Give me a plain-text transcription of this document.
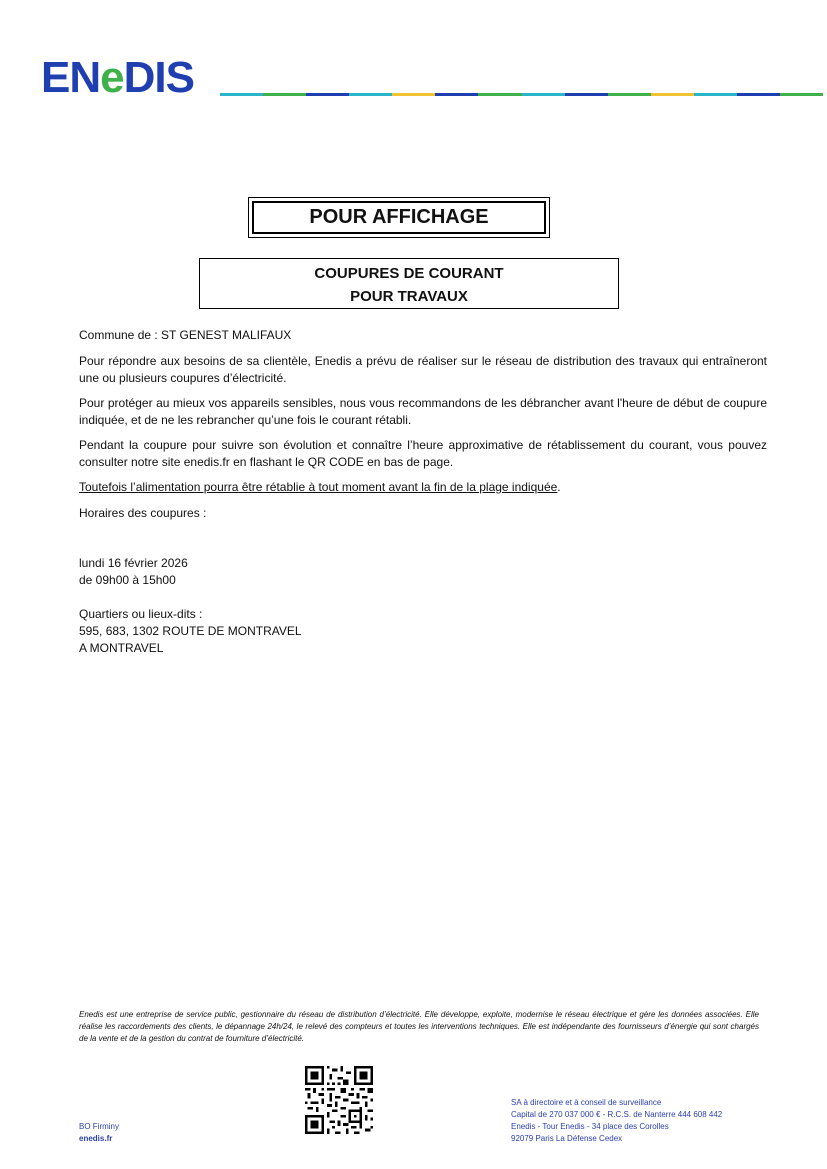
ENeDIS
POUR AFFICHAGE
COUPURES DE COURANT
POUR TRAVAUX
Commune de : ST GENEST MALIFAUX

Pour répondre aux besoins de sa clientèle, Enedis a prévu de réaliser sur le réseau de distribution des travaux qui entraîneront une ou plusieurs coupures d’électricité.

Pour protéger au mieux vos appareils sensibles, nous vous recommandons de les débrancher avant l'heure de début de coupure indiquée, et de ne les rebrancher qu’une fois le courant rétabli.

Pendant la coupure pour suivre son évolution et connaître l’heure approximative de rétablissement du courant, vous pouvez consulter notre site enedis.fr en flashant le QR CODE en bas de page.

Toutefois l’alimentation pourra être rétablie à tout moment avant la fin de la plage indiquée.

Horaires des coupures :
lundi 16 février 2026
de 09h00 à 15h00
Quartiers ou lieux-dits :
595, 683, 1302 ROUTE DE MONTRAVEL
A MONTRAVEL
Enedis est une entreprise de service public, gestionnaire du réseau de distribution d’électricité. Elle développe, exploite, modernise le réseau électrique et gère les données associées. Elle réalise les raccordements des clients, le dépannage 24h/24, le relevé des compteurs et toutes les interventions techniques. Elle est indépendante des fournisseurs d’énergie qui sont chargés de la vente et de la gestion du contrat de fourniture d’électricité.
BO Firminy
enedis.fr
SA à directoire et à conseil de surveillance
Capital de 270 037 000 € - R.C.S. de Nanterre 444 608 442
Enedis - Tour Enedis - 34 place des Corolles
92079 Paris La Défense Cedex
